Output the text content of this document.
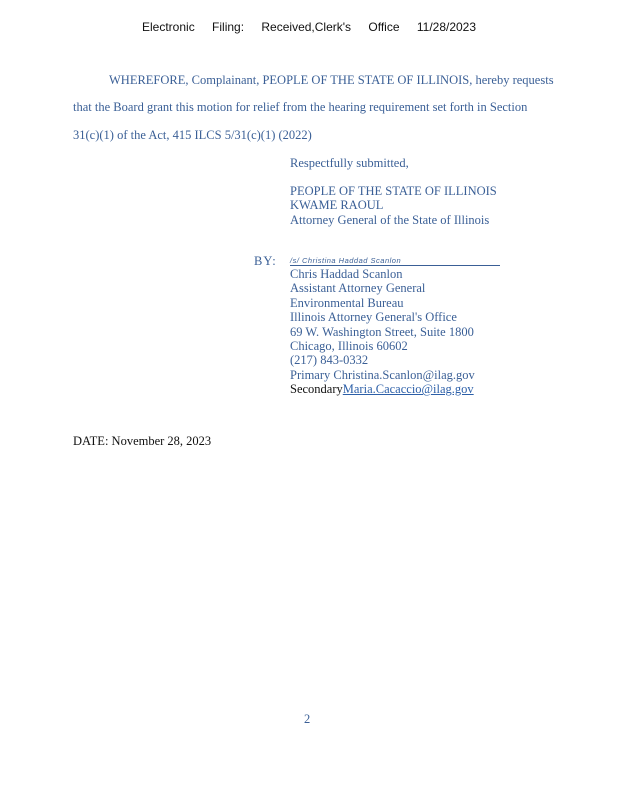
Electronic Filing: Received,Clerk's Office 11/28/2023
WHEREFORE, Complainant, PEOPLE OF THE STATE OF ILLINOIS, hereby requests
that the Board grant this motion for relief from the hearing requirement set forth in Section
31(c)(1) of the Act, 415 ILCS 5/31(c)(1) (2022)
Respectfully submitted,
PEOPLE OF THE STATE OF ILLINOIS
KWAME RAOUL
Attorney General of the State of Illinois
BY: /s/ Christina Haddad Scanlon
Chris Haddad Scanlon
Assistant Attorney General
Environmental Bureau
Illinois Attorney General's Office
69 W. Washington Street, Suite 1800
Chicago, Illinois 60602
(217) 843-0332
Primary Christina.Scanlon@ilag.gov
SecondaryMaria.Cacaccio@ilag.gov
DATE: November 28, 2023
2
